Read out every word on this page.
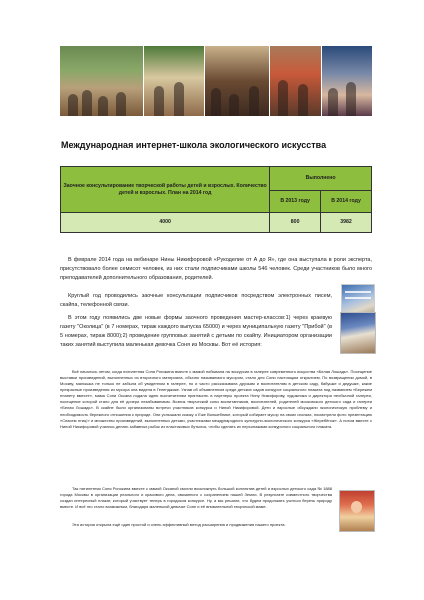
Международная интернет-школа экологического искусства
Заочное консультирование творческой работы детей и взрослых. Количество детей и взрослых. План на 2014 год	Выполнено	
	В 2013 году	В 2014 году
4000	800	3982

В феврале 2014 года на вебинаре Нины Никифоровой «Рукоделие от А до Я», где она выступала в роли эксперта, присутствовало более семисот человек, из них стали подписчиками школы 546 человек. Среди участников было много преподавателей дополнительного образования, родителей.

Круглый год проводились заочные консультации подписчиков посредством электронных писем, скайпа, телефонной связи.

В этом году появились две новые формы заочного проведения мастер-классов:1) через краевую газету "Околица" (в 7 номерах, тираж каждого выпуска 65000) и через муниципальную газету "Прибой" (в 5 номерах, тираж 8000);2) проведение групповых занятий с детьми по скайпу. Инициатором организации таких занятий выступила маленькая девочка Соня из Москвы. Вот её история:

Всё началось летом, когда пятилетняя Соня Рогожина вместе с мамой побывала на экскурсии в галерее современного искусства «Белая Лошадь». Посещение выставки произведений, выполненных из вторичного материала, обычно называемого мусором, стало для Сони настоящим открытием. По возвращении домой, в Москву, малышка не только не забыла об увиденном в галерее, но и часто рассказывала друзьям и воспитателям в детском саду, бабушке и дедушке, какие прекрасные произведения из мусора она видела в Геленджике. Узнав об объявленном среди детских садов конкурсе социального плаката под названием «Бережем планету вместе», мама Сони Оксана подала идею воспитателям пригласить в партнеры проекта Нину Никифорову, художника и директора необычной галереи, посещение которой стало для её дочери незабываемым. Возник творческий союз воспитанников, воспитателей, родителей московского детского сада и галереи «Белая Лошадь». В скайпе были организованы встречи участников конкурса и Ниной Никифоровой. Дети и взрослые обсуждали экологическую проблему и необходимость бережного отношения к природе. Они услышали сказку о Еже Волшебнике, который собирает мусор на своих иголках, посмотрели фото презентацию «Спасем птиц!» и множество произведений, выполненных детьми, участниками международного культурно-экологического конкурса «Жеребёнок». А потом вместе с Ниной Никифоровой учились делать забавных рыбок из пластиковых бутылок, чтобы сделать их персонажами конкурсного социального плаката.

Так пятилетняя Соня Рогожина вместе с мамой Оксаной смогли воскликнуть большой коллектив детей и взрослых детского сада № 1888 города Москвы в организации реального и красивого дела, связанного с сохранением нашей Земли. В результате совместного творчества создан интересный плакат, который участвует теперь в городском конкурсе. Ну, а мы решили, что будем продолжать учиться беречь природу вместе. И всё это стало возможным, благодаря маленькой девочке Соне и её внимательной творческой маме.

Эта история открыла ещё один простой и очень эффективный метод расширения и продвижения нашего проекта.
